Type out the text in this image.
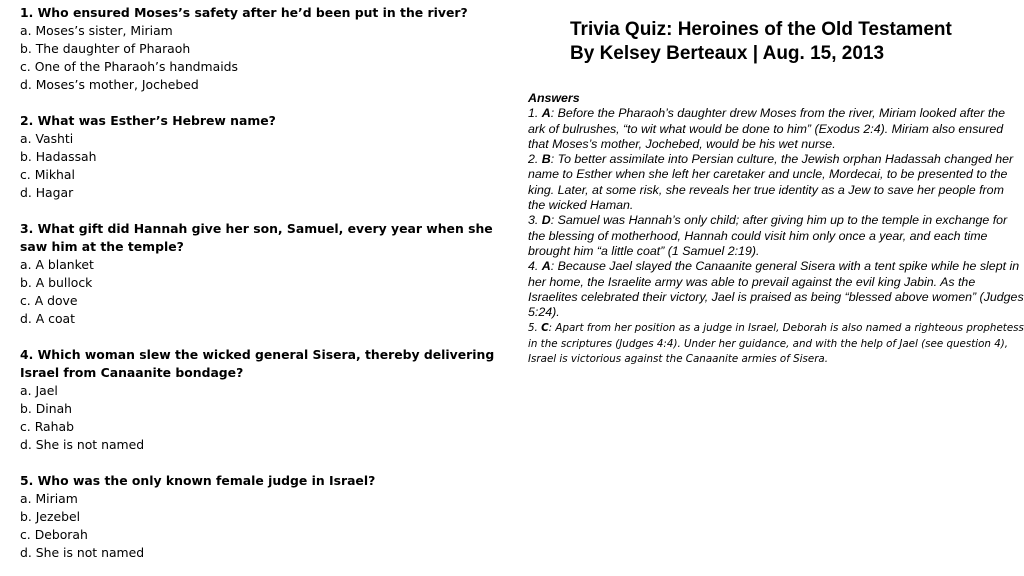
1. Who ensured Moses’s safety after he’d been put in the river?
a. Moses’s sister, Miriam
b. The daughter of Pharaoh
c. One of the Pharaoh’s handmaids
d. Moses’s mother, Jochebed
2. What was Esther’s Hebrew name?
a. Vashti
b. Hadassah
c. Mikhal
d. Hagar
3. What gift did Hannah give her son, Samuel, every year when she saw him at the temple?
a. A blanket
b. A bullock
c. A dove
d. A coat
4. Which woman slew the wicked general Sisera, thereby delivering Israel from Canaanite bondage?
a. Jael
b. Dinah
c. Rahab
d. She is not named
5. Who was the only known female judge in Israel?
a. Miriam
b. Jezebel
c. Deborah
d. She is not named
Trivia Quiz: Heroines of the Old Testament
By Kelsey Berteaux | Aug. 15, 2013
Answers
1. A: Before the Pharaoh’s daughter drew Moses from the river, Miriam looked after the ark of bulrushes, “to wit what would be done to him” (Exodus 2:4). Miriam also ensured that Moses’s mother, Jochebed, would be his wet nurse.
2. B: To better assimilate into Persian culture, the Jewish orphan Hadassah changed her name to Esther when she left her caretaker and uncle, Mordecai, to be presented to the king. Later, at some risk, she reveals her true identity as a Jew to save her people from the wicked Haman.
3. D: Samuel was Hannah’s only child; after giving him up to the temple in exchange for the blessing of motherhood, Hannah could visit him only once a year, and each time brought him “a little coat” (1 Samuel 2:19).
4. A: Because Jael slayed the Canaanite general Sisera with a tent spike while he slept in her home, the Israelite army was able to prevail against the evil king Jabin. As the Israelites celebrated their victory, Jael is praised as being “blessed above women” (Judges 5:24).
5. C: Apart from her position as a judge in Israel, Deborah is also named a righteous prophetess in the scriptures (Judges 4:4). Under her guidance, and with the help of Jael (see question 4), Israel is victorious against the Canaanite armies of Sisera.
